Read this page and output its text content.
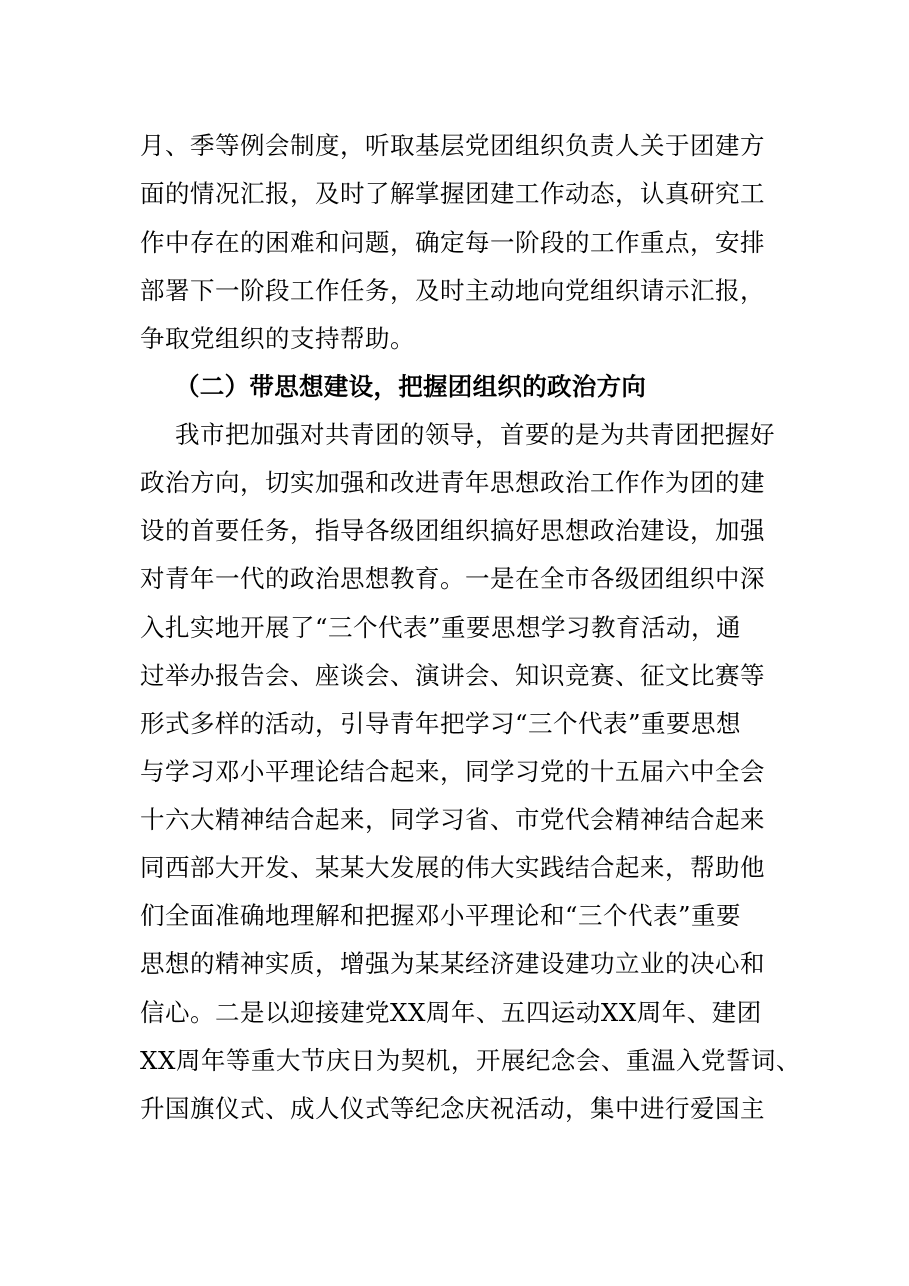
月、季等例会制度，听取基层党团组织负责人关于团建方
面的情况汇报，及时了解掌握团建工作动态，认真研究工
作中存在的困难和问题，确定每一阶段的工作重点，安排
部署下一阶段工作任务，及时主动地向党组织请示汇报，
争取党组织的支持帮助。
（二）带思想建设，把握团组织的政治方向
我市把加强对共青团的领导，首要的是为共青团把握好
政治方向，切实加强和改进青年思想政治工作作为团的建
设的首要任务，指导各级团组织搞好思想政治建设，加强
对青年一代的政治思想教育。一是在全市各级团组织中深
入扎实地开展了“三个代表”重要思想学习教育活动，通
过举办报告会、座谈会、演讲会、知识竞赛、征文比赛等
形式多样的活动，引导青年把学习“三个代表”重要思想
与学习邓小平理论结合起来，同学习党的十五届六中全会
十六大精神结合起来，同学习省、市党代会精神结合起来
同西部大开发、某某大发展的伟大实践结合起来，帮助他
们全面准确地理解和把握邓小平理论和“三个代表”重要
思想的精神实质，增强为某某经济建设建功立业的决心和
信心。二是以迎接建党XX周年、五四运动XX周年、建团
XX周年等重大节庆日为契机，开展纪念会、重温入党誓词、
升国旗仪式、成人仪式等纪念庆祝活动，集中进行爱国主
